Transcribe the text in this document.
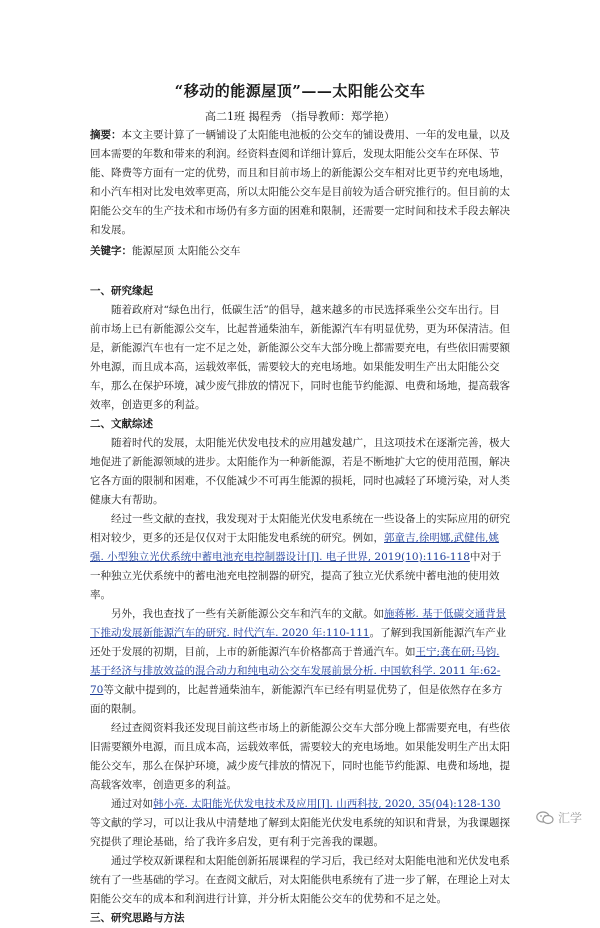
“移动的能源屋顶”——太阳能公交车
高二1班 揭程秀 （指导教师：郑学艳）

摘要：本文主要计算了一辆铺设了太阳能电池板的公交车的铺设费用、一年的发电量，以及回本需要的年数和带来的利润。经资料查阅和详细计算后，发现太阳能公交车在环保、节能、降费等方面有一定的优势，而且和目前市场上的新能源公交车相对比更节约充电场地，和小汽车相对比发电效率更高，所以太阳能公交车是目前较为适合研究推行的。但目前的太阳能公交车的生产技术和市场仍有多方面的困难和限制，还需要一定时间和技术手段去解决和发展。

关键字：能源屋顶 太阳能公交车

一、研究缘起

随着政府对“绿色出行，低碳生活”的倡导，越来越多的市民选择乘坐公交车出行。目前市场上已有新能源公交车，比起普通柴油车，新能源汽车有明显优势，更为环保清洁。但是，新能源汽车也有一定不足之处，新能源公交车大部分晚上都需要充电，有些依旧需要额外电源，而且成本高，运载效率低，需要较大的充电场地。如果能发明生产出太阳能公交车，那么在保护环境，减少废气排放的情况下，同时也能节约能源、电费和场地，提高载客效率，创造更多的利益。

二、文献综述

随着时代的发展，太阳能光伏发电技术的应用越发越广，且这项技术在逐渐完善，极大地促进了新能源领域的进步。太阳能作为一种新能源，若是不断地扩大它的使用范围，解决它各方面的限制和困难，不仅能减少不可再生能源的损耗，同时也减轻了环境污染，对人类健康大有帮助。

经过一些文献的查找，我发现对于太阳能光伏发电系统在一些设备上的实际应用的研究相对较少，更多的还是仅仅对于太阳能发电系统的研究。例如，郭童吉,徐明娜,武健伟,姚强. 小型独立光伏系统中蓄电池充电控制器设计[J]. 电子世界, 2019(10):116-118中对于一种独立光伏系统中的蓄电池充电控制器的研究，提高了独立光伏系统中蓄电池的使用效率。

另外，我也查找了一些有关新能源公交车和汽车的文献。如施蒋彬. 基于低碳交通背景下推动发展新能源汽车的研究. 时代汽车. 2020 年:110-111。了解到我国新能源汽车产业还处于发展的初期，目前，上市的新能源汽车价格都高于普通汽车。如王宁;龚在研;马钧. 基于经济与排放效益的混合动力和纯电动公交车发展前景分析. 中国软科学. 2011 年:62-70等文献中提到的，比起普通柴油车，新能源汽车已经有明显优势了，但是依然存在多方面的限制。

经过查阅资料我还发现目前这些市场上的新能源公交车大部分晚上都需要充电，有些依旧需要额外电源，而且成本高，运载效率低，需要较大的充电场地。如果能发明生产出太阳能公交车，那么在保护环境，减少废气排放的情况下，同时也能节约能源、电费和场地，提高载客效率，创造更多的利益。

通过对如韩小亮. 太阳能光伏发电技术及应用[J]. 山西科技, 2020, 35(04):128-130等文献的学习，可以让我从中清楚地了解到太阳能光伏发电系统的知识和背景，为我课题探究提供了理论基础，给了我许多启发，更有利于完善我的课题。

通过学校双新课程和太阳能创新拓展课程的学习后，我已经对太阳能电池和光伏发电系统有了一些基础的学习。在查阅文献后，对太阳能供电系统有了进一步了解，在理论上对太阳能公交车的成本和利润进行计算，并分析太阳能公交车的优势和不足之处。

三、研究思路与方法

汇学
